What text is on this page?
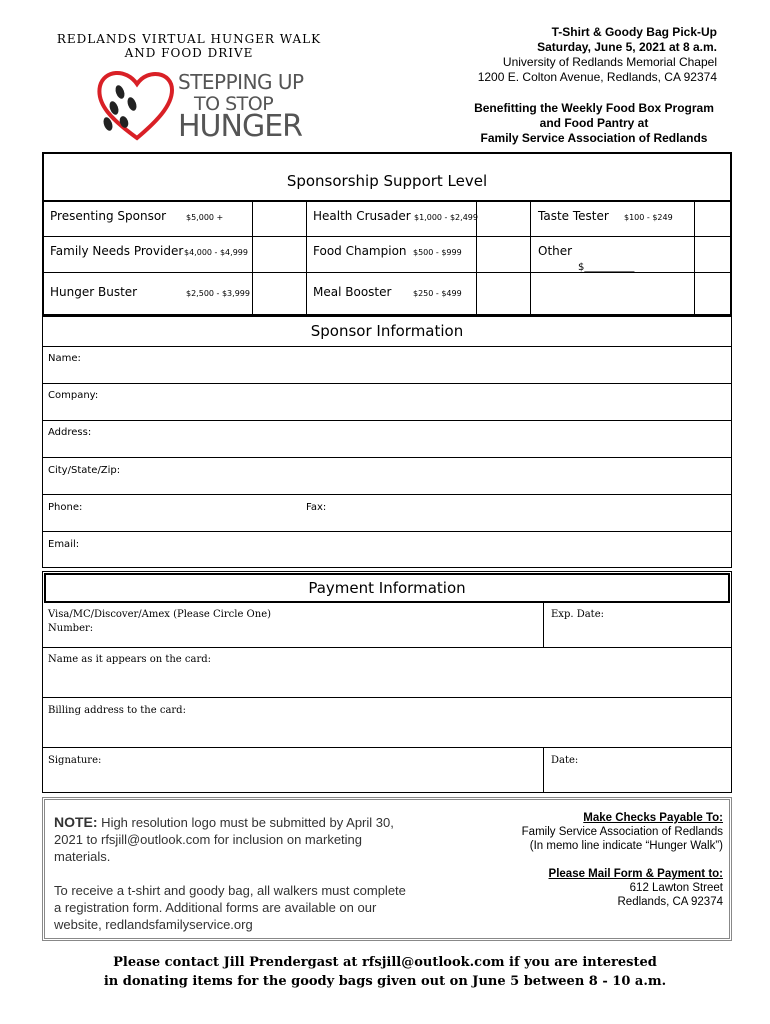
REDLANDS VIRTUAL HUNGER WALK
AND FOOD DRIVE
STEPPING UP
TO STOP
HUNGER
T-Shirt & Goody Bag Pick-Up
Saturday, June 5, 2021 at 8 a.m.
University of Redlands Memorial Chapel
1200 E. Colton Avenue, Redlands, CA 92374
Benefitting the Weekly Food Box Program
and Food Pantry at
Family Service Association of Redlands
Sponsorship Support Level
Presenting Sponsor $5,000 +	Health Crusader $1,000 - $2,499	Taste Tester $100 - $249
Family Needs Provider $4,000 - $4,999	Food Champion $500 - $999	Other
$__________
Hunger Buster	$2,500 - $3,999	Meal Booster	$250 - $499
Sponsor Information
Name:
Company:
Address:
City/State/Zip:
Phone:	Fax:
Email:
Payment Information
Visa/MC/Discover/Amex (Please Circle One)
Number:
Exp. Date:
Name as it appears on the card:
Billing address to the card:
Signature:	Date:
NOTE: High resolution logo must be submitted by April 30, 2021 to rfsjill@outlook.com for inclusion on marketing materials.
To receive a t-shirt and goody bag, all walkers must complete a registration form. Additional forms are available on our website, redlandsfamilyservice.org
Make Checks Payable To:
Family Service Association of Redlands
(In memo line indicate “Hunger Walk”)
Please Mail Form & Payment to:
612 Lawton Street
Redlands, CA 92374
Please contact Jill Prendergast at rfsjill@outlook.com if you are interested
in donating items for the goody bags given out on June 5 between 8 - 10 a.m.
